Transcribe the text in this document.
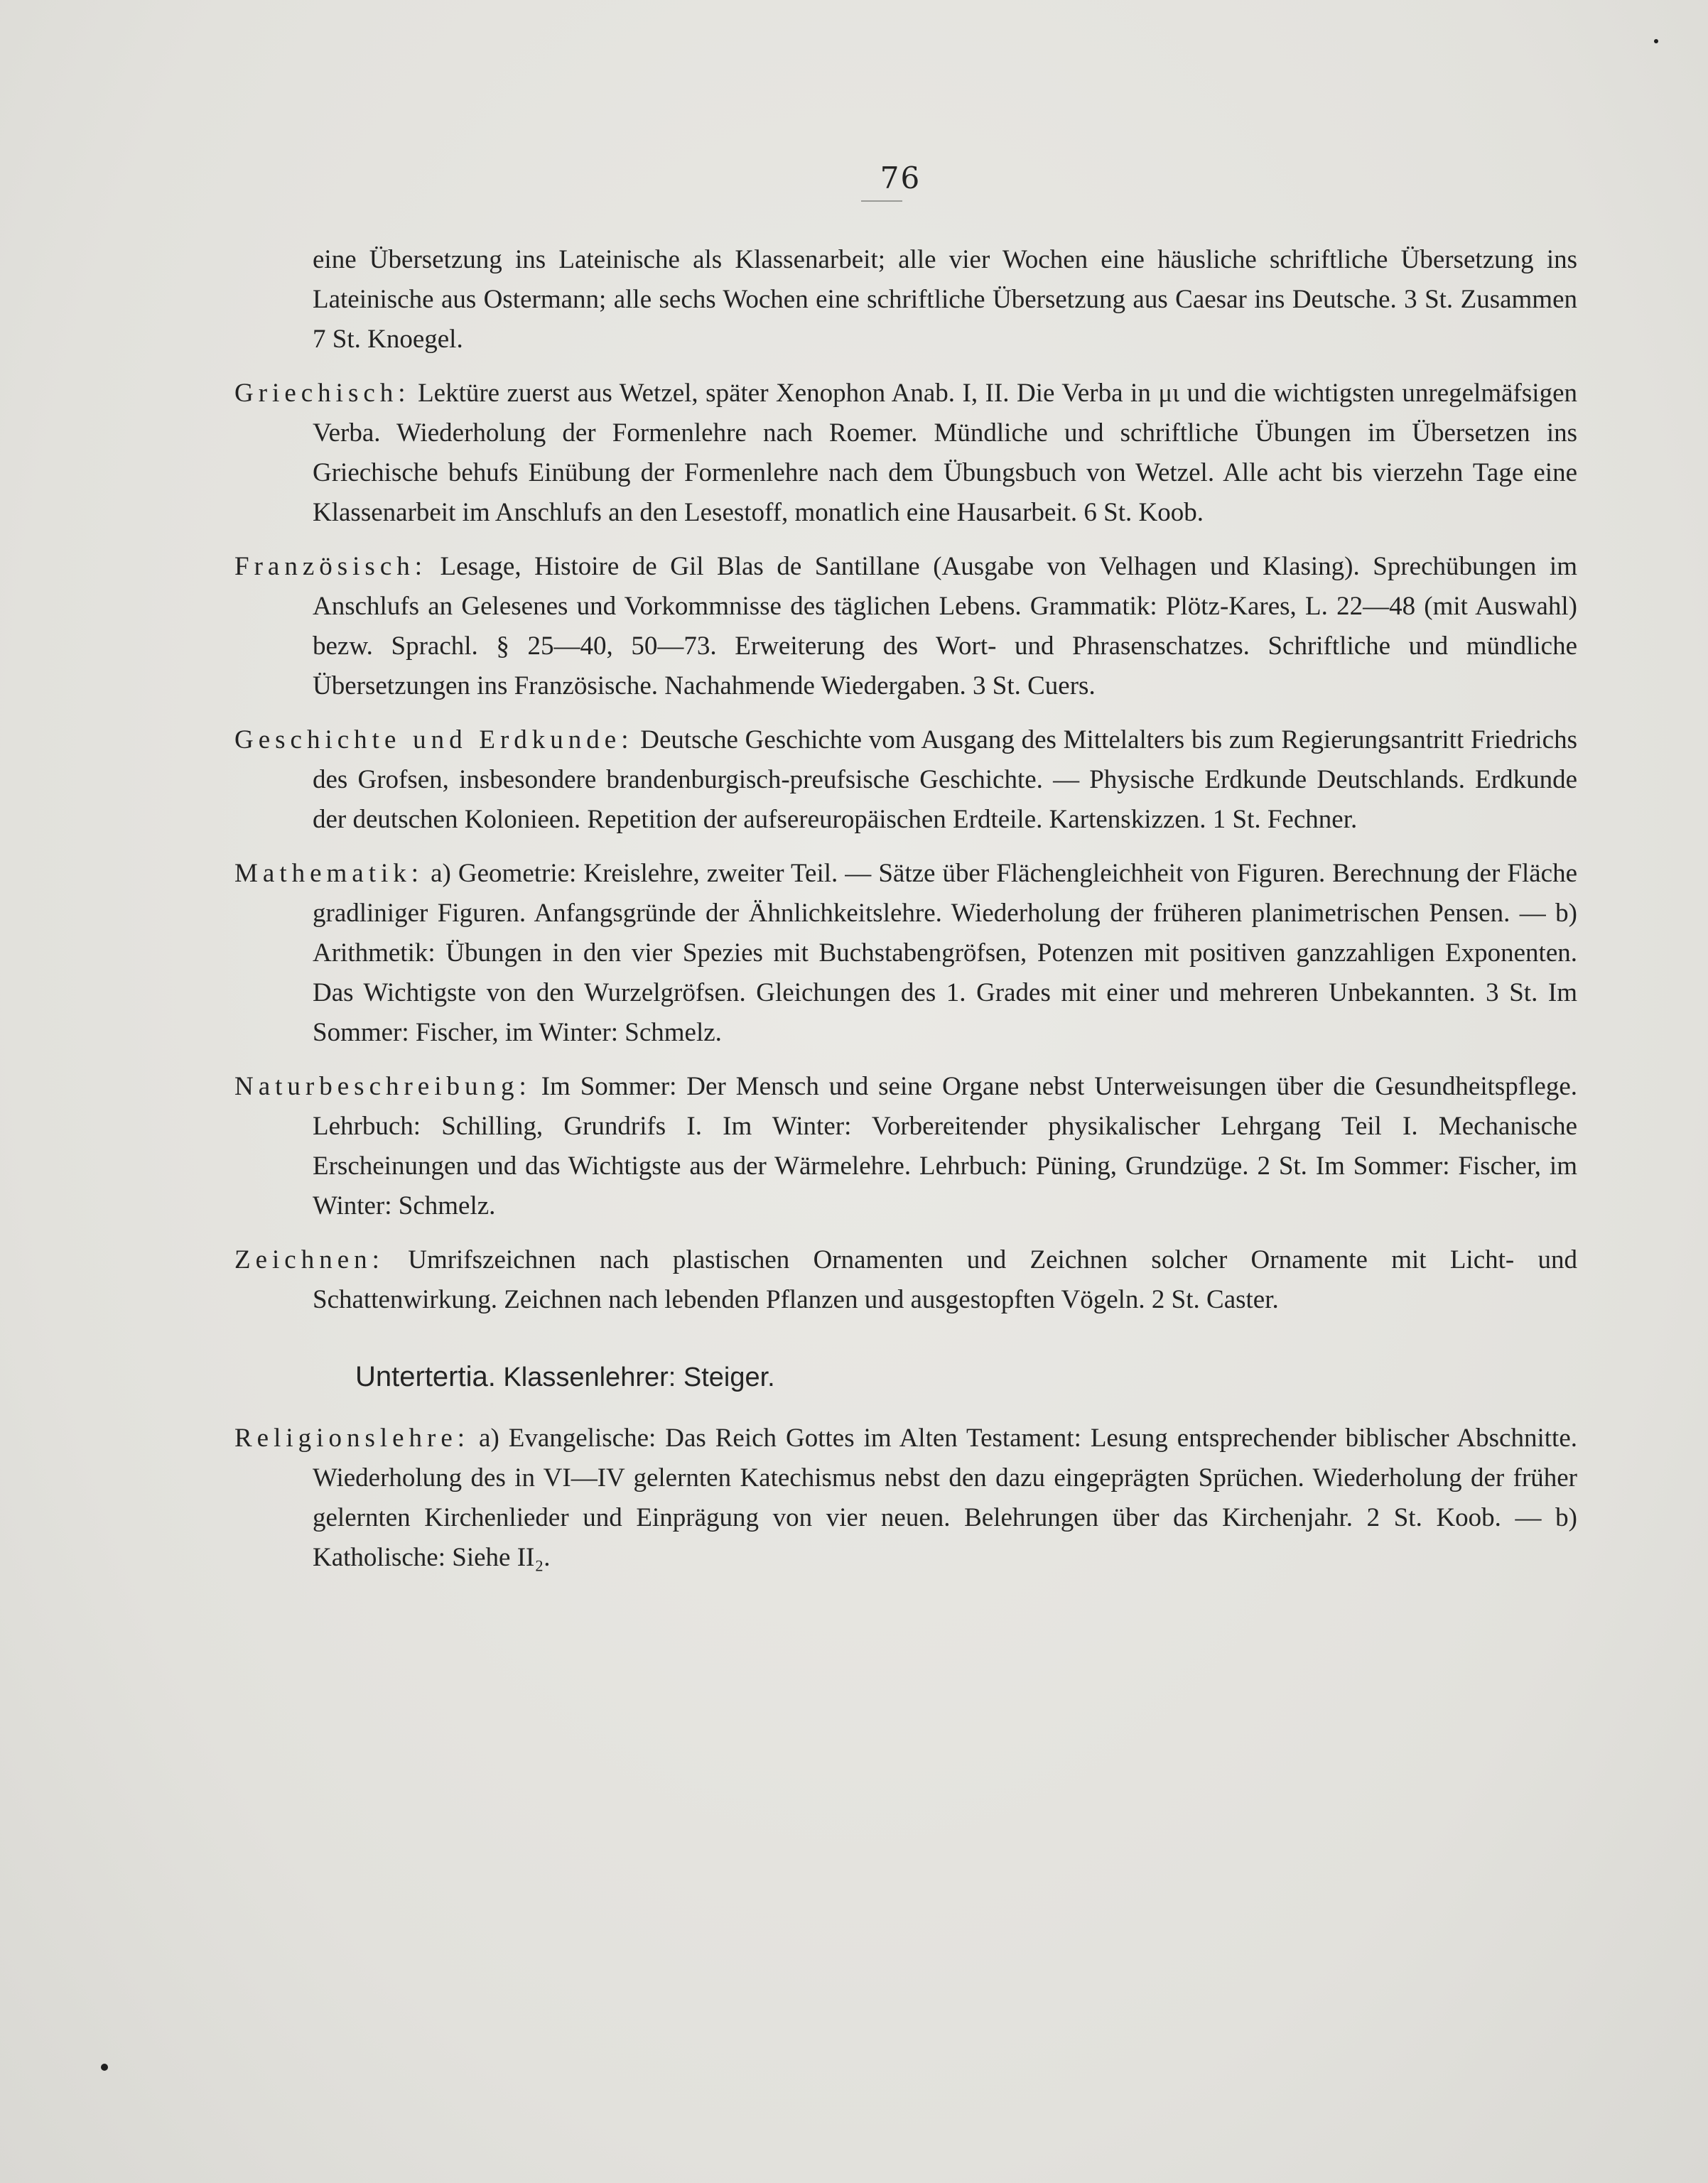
76

eine Übersetzung ins Lateinische als Klassenarbeit; alle vier Wochen eine häusliche schriftliche Übersetzung ins Lateinische aus Ostermann; alle sechs Wochen eine schriftliche Übersetzung aus Caesar ins Deutsche. 3 St. Zusammen 7 St. Knoegel.

Griechisch: Lektüre zuerst aus Wetzel, später Xenophon Anab. I, II. Die Verba in μι und die wichtigsten unregelmäfsigen Verba. Wiederholung der Formenlehre nach Roemer. Mündliche und schriftliche Übungen im Übersetzen ins Griechische behufs Einübung der Formenlehre nach dem Übungsbuch von Wetzel. Alle acht bis vierzehn Tage eine Klassenarbeit im Anschlufs an den Lesestoff, monatlich eine Hausarbeit. 6 St. Koob.

Französisch: Lesage, Histoire de Gil Blas de Santillane (Ausgabe von Velhagen und Klasing). Sprechübungen im Anschlufs an Gelesenes und Vorkommnisse des täglichen Lebens. Grammatik: Plötz-Kares, L. 22—48 (mit Auswahl) bezw. Sprachl. § 25—40, 50—73. Erweiterung des Wort- und Phrasenschatzes. Schriftliche und mündliche Übersetzungen ins Französische. Nachahmende Wiedergaben. 3 St. Cuers.

Geschichte und Erdkunde: Deutsche Geschichte vom Ausgang des Mittelalters bis zum Regierungsantritt Friedrichs des Grofsen, insbesondere brandenburgisch-preufsische Geschichte. — Physische Erdkunde Deutschlands. Erdkunde der deutschen Kolonieen. Repetition der aufsereuropäischen Erdteile. Kartenskizzen. 1 St. Fechner.

Mathematik: a) Geometrie: Kreislehre, zweiter Teil. — Sätze über Flächengleichheit von Figuren. Berechnung der Fläche gradliniger Figuren. Anfangsgründe der Ähnlichkeitslehre. Wiederholung der früheren planimetrischen Pensen. — b) Arithmetik: Übungen in den vier Spezies mit Buchstabengröfsen, Potenzen mit positiven ganzzahligen Exponenten. Das Wichtigste von den Wurzelgröfsen. Gleichungen des 1. Grades mit einer und mehreren Unbekannten. 3 St. Im Sommer: Fischer, im Winter: Schmelz.

Naturbeschreibung: Im Sommer: Der Mensch und seine Organe nebst Unterweisungen über die Gesundheitspflege. Lehrbuch: Schilling, Grundrifs I. Im Winter: Vorbereitender physikalischer Lehrgang Teil I. Mechanische Erscheinungen und das Wichtigste aus der Wärmelehre. Lehrbuch: Püning, Grundzüge. 2 St. Im Sommer: Fischer, im Winter: Schmelz.

Zeichnen: Umrifszeichnen nach plastischen Ornamenten und Zeichnen solcher Ornamente mit Licht- und Schattenwirkung. Zeichnen nach lebenden Pflanzen und ausgestopften Vögeln. 2 St. Caster.

Untertertia. Klassenlehrer: Steiger.

Religionslehre: a) Evangelische: Das Reich Gottes im Alten Testament: Lesung entsprechender biblischer Abschnitte. Wiederholung des in VI—IV gelernten Katechismus nebst den dazu eingeprägten Sprüchen. Wiederholung der früher gelernten Kirchenlieder und Einprägung von vier neuen. Belehrungen über das Kirchenjahr. 2 St. Koob. — b) Katholische: Siehe II₂.
